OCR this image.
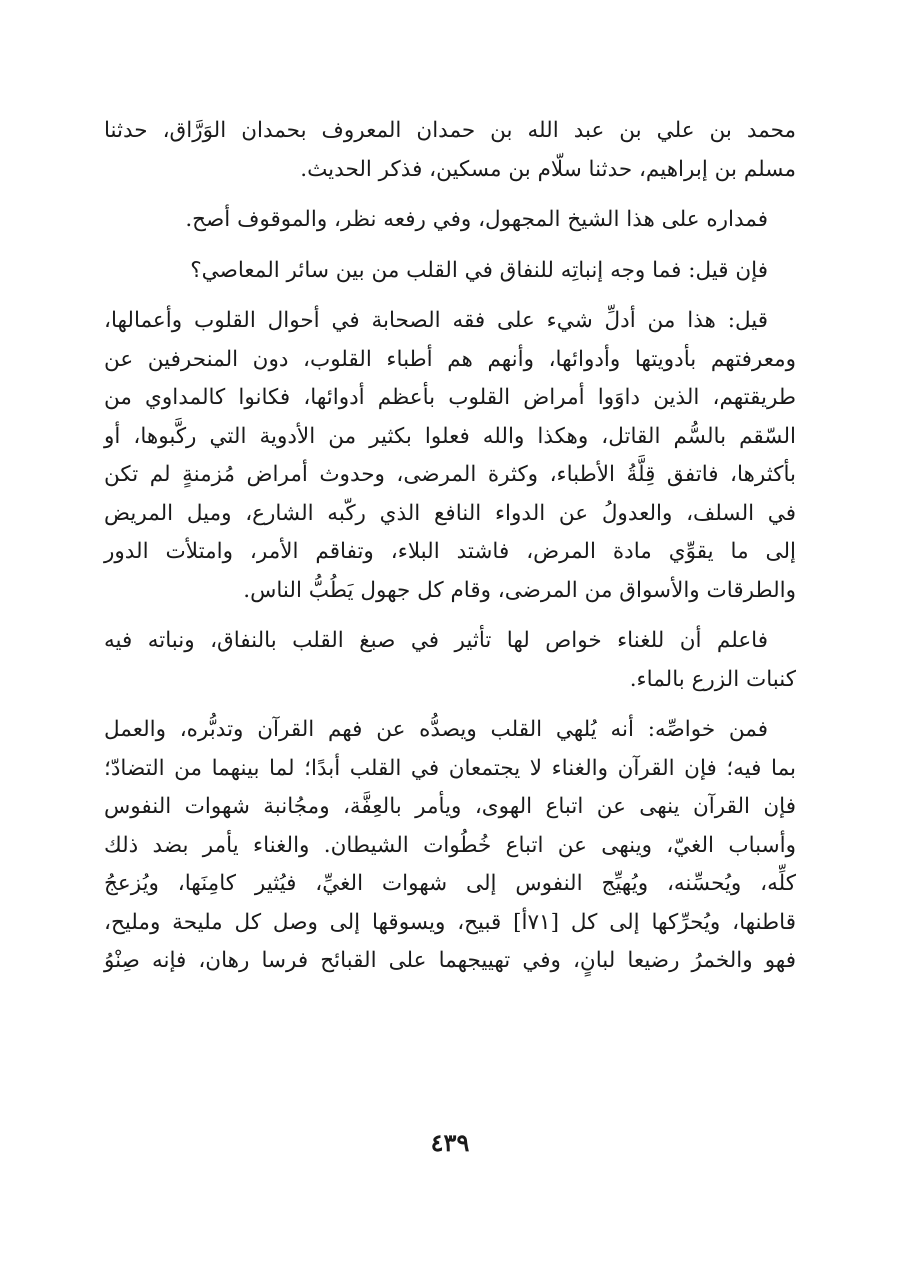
محمد بن علي بن عبد الله بن حمدان المعروف بحمدان الوَرَّاق، حدثنا
مسلم بن إبراهيم، حدثنا سلّام بن مسكين، فذكر الحديث.

فمداره على هذا الشيخ المجهول، وفي رفعه نظر، والموقوف أصح.

فإن قيل: فما وجه إنباتِه للنفاق في القلب من بين سائر المعاصي؟

قيل: هذا من أدلِّ شيء على فقه الصحابة في أحوال القلوب وأعمالها،
ومعرفتهم بأدويتها وأدوائها، وأنهم هم أطباء القلوب، دون المنحرفين عن
طريقتهم، الذين داوَوا أمراض القلوب بأعظم أدوائها، فكانوا كالمداوي من
السّقم بالسُّم القاتل، وهكذا والله فعلوا بكثير من الأدوية التي ركَّبوها، أو
بأكثرها، فاتفق قِلَّةُ الأطباء، وكثرة المرضى، وحدوث أمراض مُزمنةٍ لم تكن
في السلف، والعدولُ عن الدواء النافع الذي ركّبه الشارع، وميل المريض
إلى ما يقوِّي مادة المرض، فاشتد البلاء، وتفاقم الأمر، وامتلأت الدور
والطرقات والأسواق من المرضى، وقام كل جهول يَطُبُّ الناس.

فاعلم أن للغناء خواص لها تأثير في صبغ القلب بالنفاق، ونباته فيه
كنبات الزرع بالماء.

فمن خواصِّه: أنه يُلهي القلب ويصدُّه عن فهم القرآن وتدبُّره، والعمل
بما فيه؛ فإن القرآن والغناء لا يجتمعان في القلب أبدًا؛ لما بينهما من التضادّ؛
فإن القرآن ينهى عن اتباع الهوى، ويأمر بالعِفَّة، ومجُانبة شهوات النفوس
وأسباب الغيّ، وينهى عن اتباع خُطُوات الشيطان. والغناء يأمر بضد ذلك
كلِّه، ويُحسِّنه، ويُهيِّج النفوس إلى شهوات الغيِّ، فيُثير كامِنَها، ويُزعجُ
قاطنها، ويُحرِّكها إلى كل [٧١أ] قبيح، ويسوقها إلى وصل كل مليحة ومليح،
فهو والخمرُ رضيعا لبانٍ، وفي تهييجهما على القبائح فرسا رهان، فإنه صِنْوُ

٤٣٩
